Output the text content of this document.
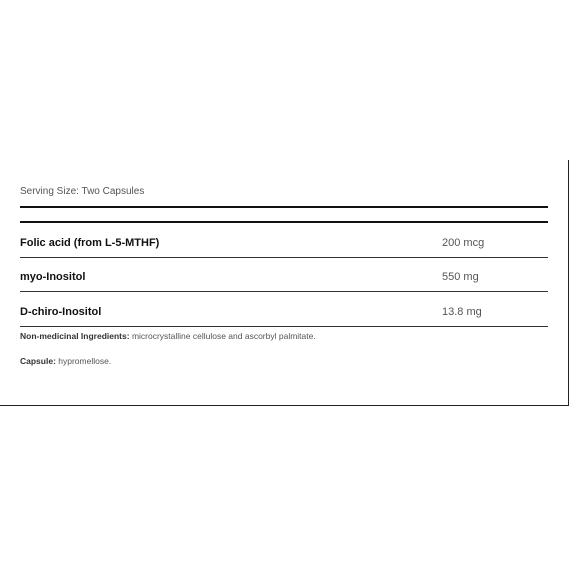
Serving Size: Two Capsules
Folic acid (from L-5-MTHF)	200 mcg
myo-Inositol	550 mg
D-chiro-Inositol	13.8 mg
Non-medicinal Ingredients: microcrystalline cellulose and ascorbyl palmitate.
Capsule: hypromellose.
